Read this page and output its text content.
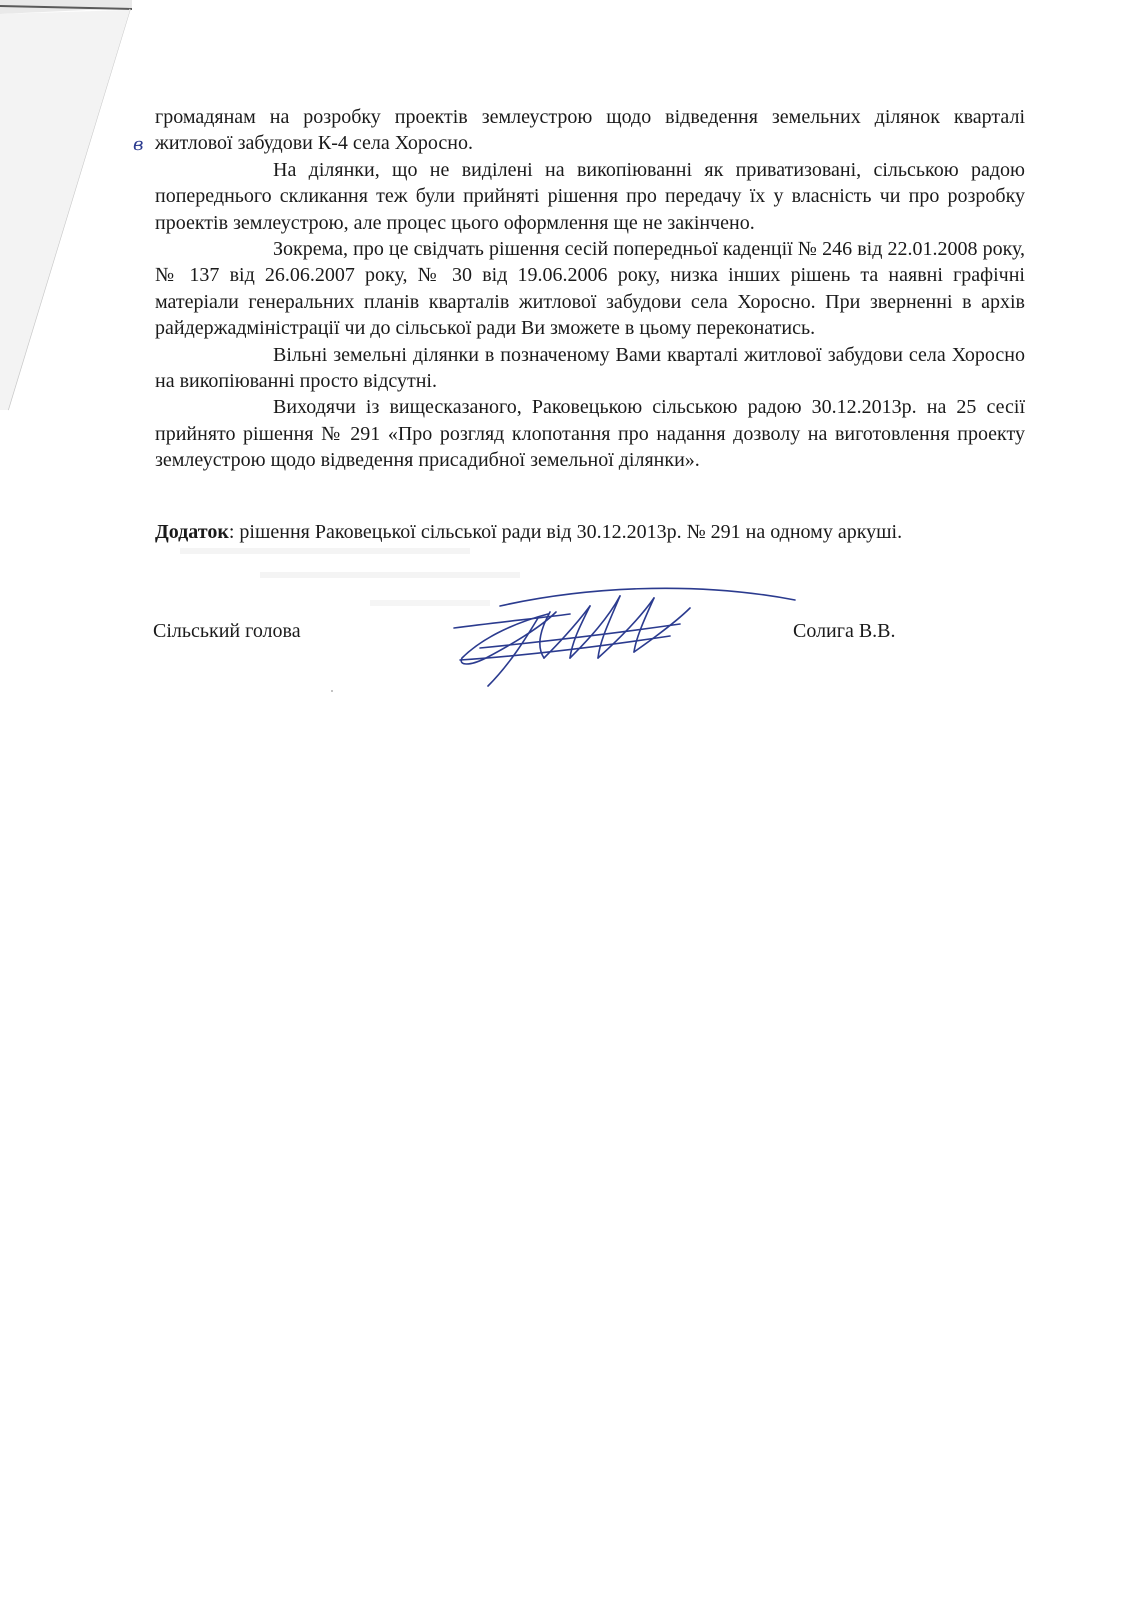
в

громадянам на розробку проектів землеустрою щодо відведення земельних ділянок кварталі житлової забудови К-4 села Хоросно.

На ділянки, що не виділені на викопіюванні як приватизовані, сільською радою попереднього скликання теж були прийняті рішення про передачу їх у власність чи про розробку проектів землеустрою, але процес цього оформлення ще не закінчено.

Зокрема, про це свідчать рішення сесій попередньої каденції № 246 від 22.01.2008 року, № 137 від 26.06.2007 року, № 30 від 19.06.2006 року, низка інших рішень та наявні графічні матеріали генеральних планів кварталів житлової забудови села Хоросно. При зверненні в архів райдержадміністрації чи до сільської ради Ви зможете в цьому переконатись.

Вільні земельні ділянки в позначеному Вами кварталі житлової забудови села Хоросно на викопіюванні просто відсутні.

Виходячи із вищесказаного, Раковецькою сільською радою 30.12.2013р. на 25 сесії прийнято рішення № 291 «Про розгляд клопотання про надання дозволу на виготовлення проекту землеустрою щодо відведення присадибної земельної ділянки».

Додаток: рішення Раковецької сільської ради від 30.12.2013р. № 291 на одному аркуші.
Сільський голова	Солига В.В.
